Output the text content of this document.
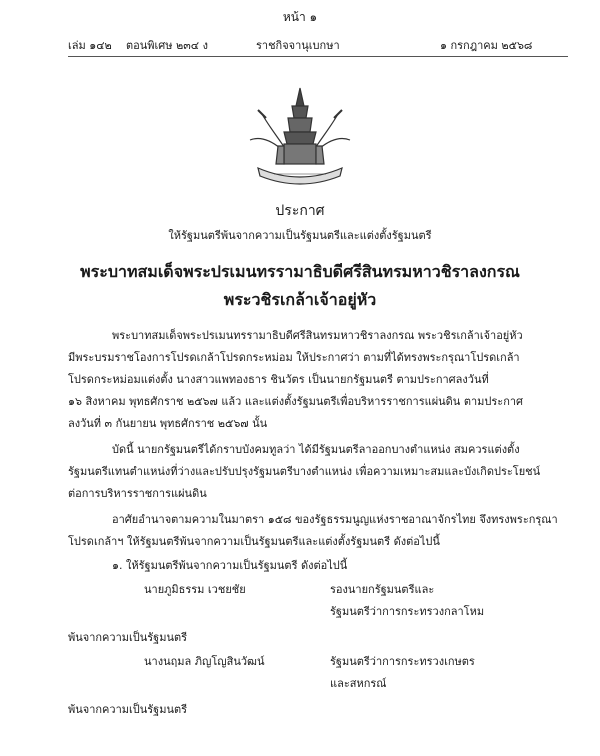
หน้า ๑
เล่ม ๑๔๒ ตอนพิเศษ ๒๓๔ ง	ราชกิจจานุเบกษา	๑ กรกฎาคม ๒๕๖๘
ประกาศ
ให้รัฐมนตรีพ้นจากความเป็นรัฐมนตรีและแต่งตั้งรัฐมนตรี
พระบาทสมเด็จพระปรเมนทรรามาธิบดีศรีสินทรมหาวชิราลงกรณ
พระวชิรเกล้าเจ้าอยู่หัว
พระบาทสมเด็จพระปรเมนทรรามาธิบดีศรีสินทรมหาวชิราลงกรณ พระวชิรเกล้าเจ้าอยู่หัว
มีพระบรมราชโองการโปรดเกล้าโปรดกระหม่อม ให้ประกาศว่า ตามที่ได้ทรงพระกรุณาโปรดเกล้า
โปรดกระหม่อมแต่งตั้ง นางสาวแพทองธาร ชินวัตร เป็นนายกรัฐมนตรี ตามประกาศลงวันที่
๑๖ สิงหาคม พุทธศักราช ๒๕๖๗ แล้ว และแต่งตั้งรัฐมนตรีเพื่อบริหารราชการแผ่นดิน ตามประกาศ
ลงวันที่ ๓ กันยายน พุทธศักราช ๒๕๖๗ นั้น
บัดนี้ นายกรัฐมนตรีได้กราบบังคมทูลว่า ได้มีรัฐมนตรีลาออกบางตำแหน่ง สมควรแต่งตั้ง
รัฐมนตรีแทนตำแหน่งที่ว่างและปรับปรุงรัฐมนตรีบางตำแหน่ง เพื่อความเหมาะสมและบังเกิดประโยชน์
ต่อการบริหารราชการแผ่นดิน
อาศัยอำนาจตามความในมาตรา ๑๕๘ ของรัฐธรรมนูญแห่งราชอาณาจักรไทย จึงทรงพระกรุณา
โปรดเกล้าฯ ให้รัฐมนตรีพ้นจากความเป็นรัฐมนตรีและแต่งตั้งรัฐมนตรี ดังต่อไปนี้
๑. ให้รัฐมนตรีพ้นจากความเป็นรัฐมนตรี ดังต่อไปนี้
นายภูมิธรรม เวชยชัย	รองนายกรัฐมนตรีและ
รัฐมนตรีว่าการกระทรวงกลาโหม
พ้นจากความเป็นรัฐมนตรี
นางนฤมล ภิญโญสินวัฒน์	รัฐมนตรีว่าการกระทรวงเกษตร
และสหกรณ์
พ้นจากความเป็นรัฐมนตรี
